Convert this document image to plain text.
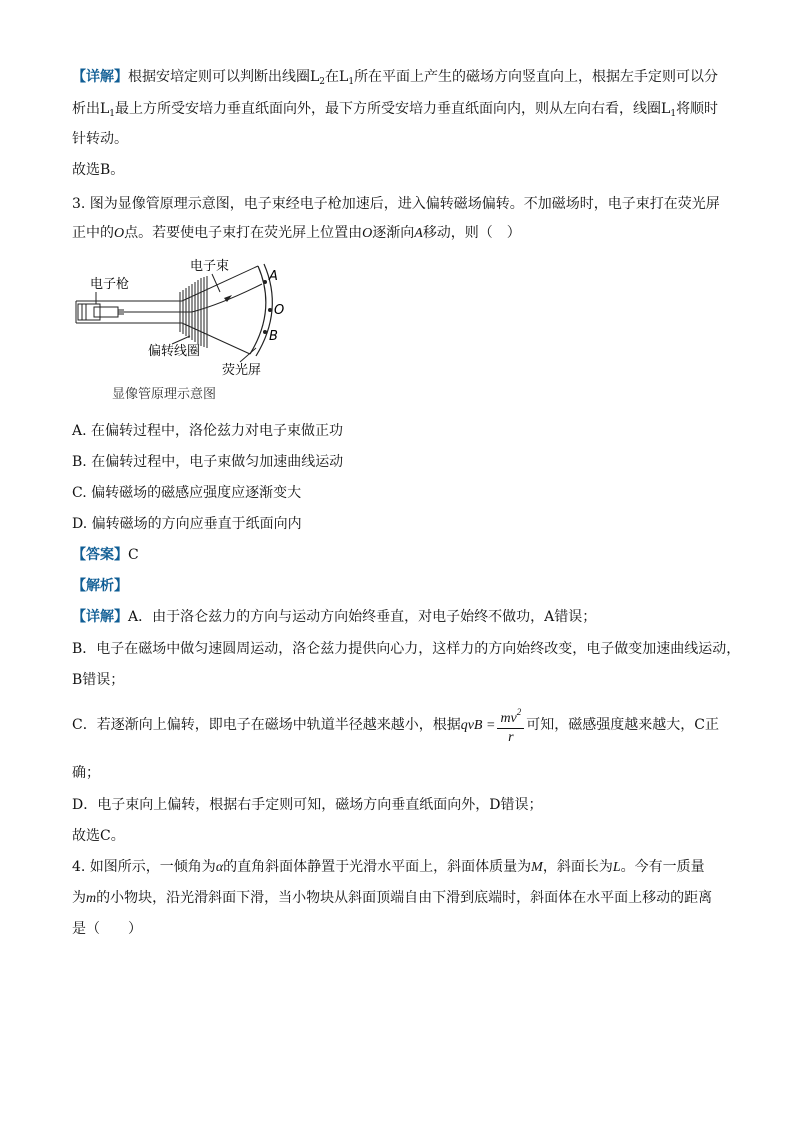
【详解】根据安培定则可以判断出线圈$L_2$在$L_1$所在平面上产生的磁场方向竖直向上，根据左手定则可以分
析出$L_1$最上方所受安培力垂直纸面向外，最下方所受安培力垂直纸面向内，则从左向右看，线圈$L_1$将顺时
针转动。
故选B。
3. 图为显像管原理示意图，电子束经电子枪加速后，进入偏转磁场偏转。不加磁场时，电子束打在荧光屏
正中的O点。若要使电子束打在荧光屏上位置由O逐渐向A移动，则（　）
电子枪
电子束
A
O
B
偏转线圈
荧光屏
显像管原理示意图
A. 在偏转过程中，洛伦兹力对电子束做正功
B. 在偏转过程中，电子束做匀加速曲线运动
C. 偏转磁场的磁感应强度应逐渐变大
D. 偏转磁场的方向应垂直于纸面向内
【答案】C
【解析】
【详解】A．由于洛仑兹力的方向与运动方向始终垂直，对电子始终不做功，A错误；
B．电子在磁场中做匀速圆周运动，洛仑兹力提供向心力，这样力的方向始终改变，电子做变加速曲线运动，
B错误；
C．若逐渐向上偏转，即电子在磁场中轨道半径越来越小，根据qvB = $\frac{mv^2}{r}$ 可知，磁感强度越来越大，C正
确；
D．电子束向上偏转，根据右手定则可知，磁场方向垂直纸面向外，D错误；
故选C。
4. 如图所示，一倾角为α的直角斜面体静置于光滑水平面上，斜面体质量为M，斜面长为L。今有一质量
为m的小物块，沿光滑斜面下滑，当小物块从斜面顶端自由下滑到底端时，斜面体在水平面上移动的距离
是（　　）
